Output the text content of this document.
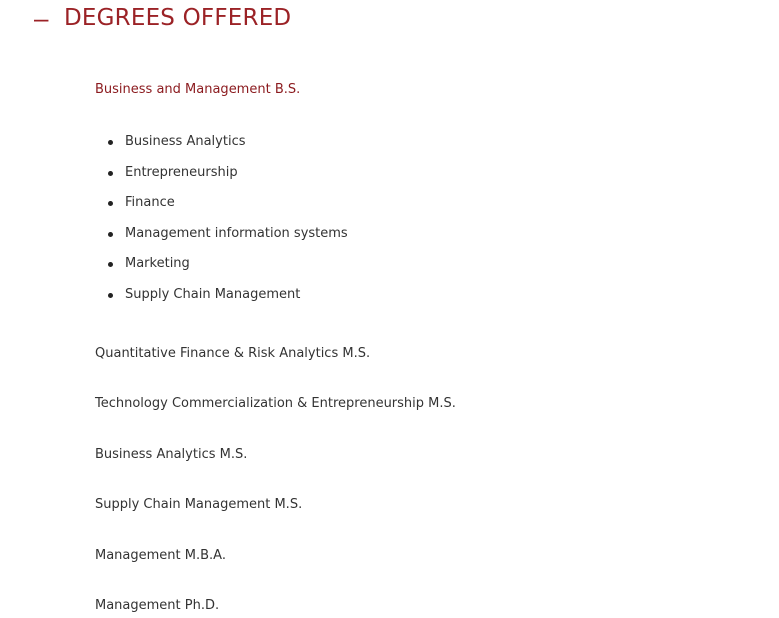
– DEGREES OFFERED
Business and Management B.S.
Business Analytics
Entrepreneurship
Finance
Management information systems
Marketing
Supply Chain Management
Quantitative Finance & Risk Analytics M.S.
Technology Commercialization & Entrepreneurship M.S.
Business Analytics M.S.
Supply Chain Management M.S.
Management M.B.A.
Management Ph.D.
